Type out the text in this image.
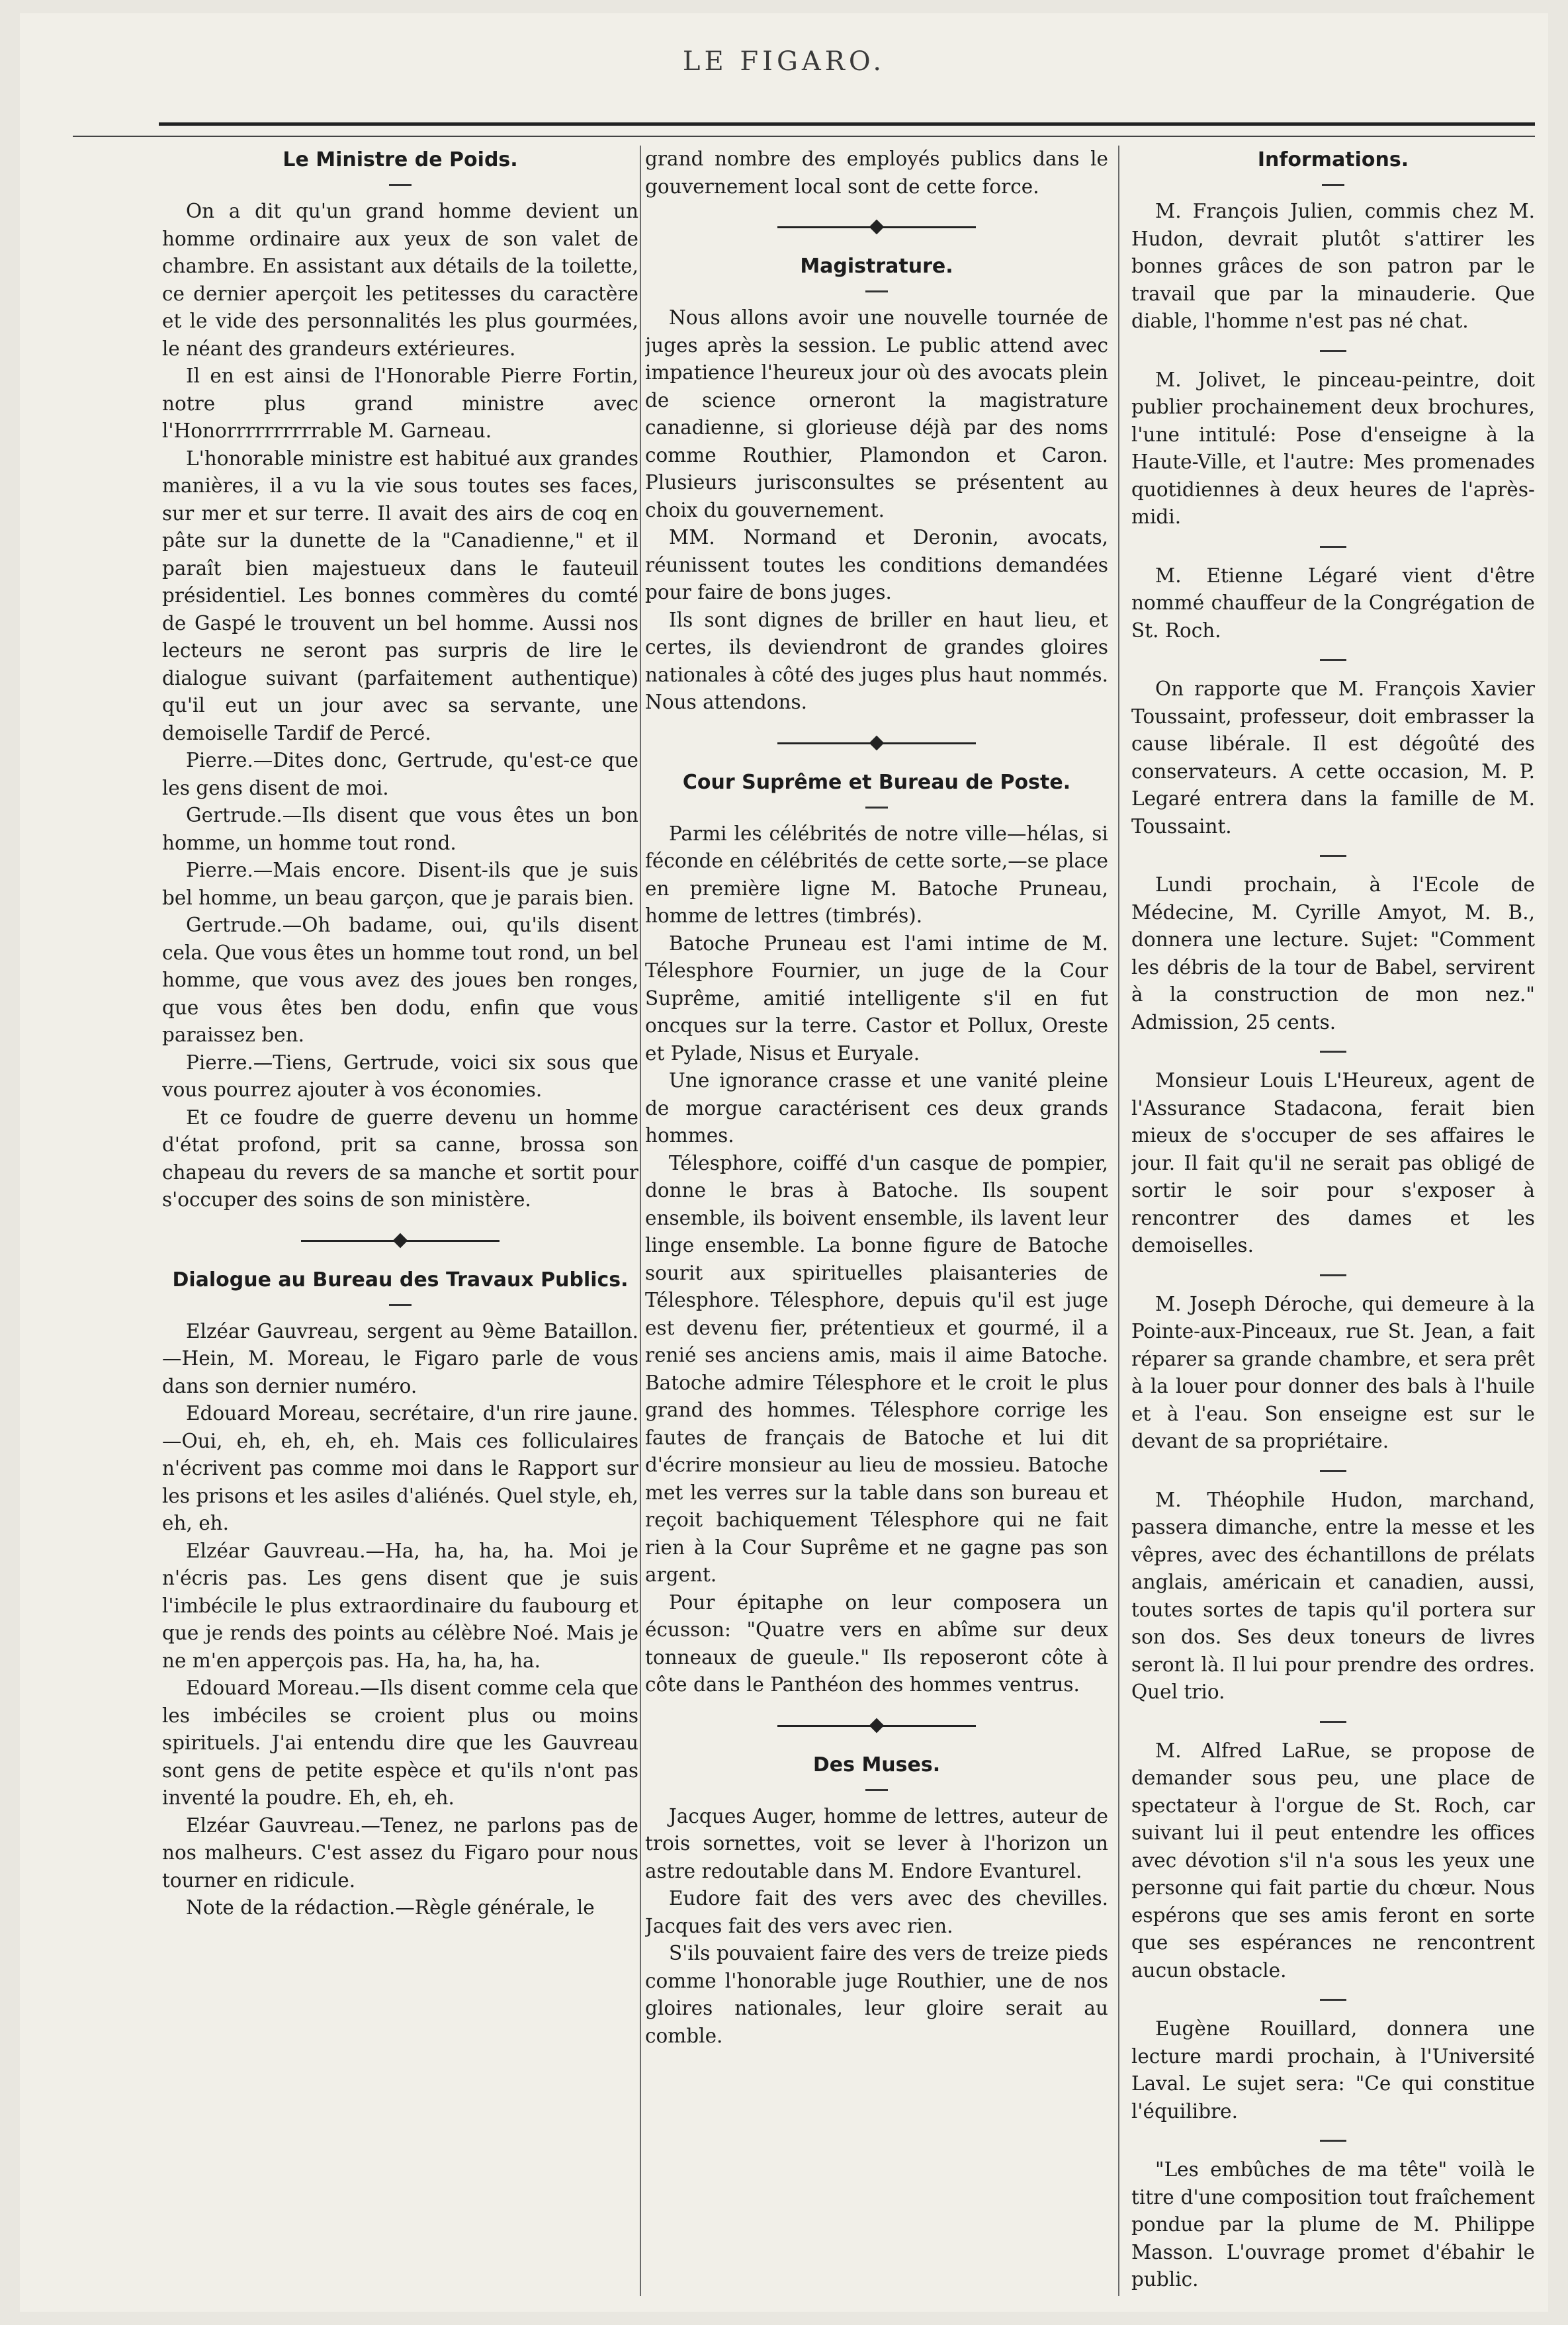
LE FIGARO.
Le Ministre de Poids.

On a dit qu'un grand homme devient un homme ordinaire aux yeux de son valet de chambre. En assistant aux détails de la toilette, ce dernier aperçoit les petitesses du caractère et le vide des personnalités les plus gourmées, le néant des grandeurs extérieures.

Il en est ainsi de l'Honorable Pierre Fortin, notre plus grand ministre avec l'Honorrrrrrrrrrable M. Garneau.

L'honorable ministre est habitué aux grandes manières, il a vu la vie sous toutes ses faces, sur mer et sur terre. Il avait des airs de coq en pâte sur la dunette de la "Canadienne," et il paraît bien majestueux dans le fauteuil présidentiel. Les bonnes commères du comté de Gaspé le trouvent un bel homme. Aussi nos lecteurs ne seront pas surpris de lire le dialogue suivant (parfaitement authentique) qu'il eut un jour avec sa servante, une demoiselle Tardif de Percé.

Pierre.—Dites donc, Gertrude, qu'est-ce que les gens disent de moi.

Gertrude.—Ils disent que vous êtes un bon homme, un homme tout rond.

Pierre.—Mais encore. Disent-ils que je suis bel homme, un beau garçon, que je parais bien.

Gertrude.—Oh badame, oui, qu'ils disent cela. Que vous êtes un homme tout rond, un bel homme, que vous avez des joues ben ronges, que vous êtes ben dodu, enfin que vous paraissez ben.

Pierre.—Tiens, Gertrude, voici six sous que vous pourrez ajouter à vos économies.

Et ce foudre de guerre devenu un homme d'état profond, prit sa canne, brossa son chapeau du revers de sa manche et sortit pour s'occuper des soins de son ministère.

Dialogue au Bureau des Travaux Publics.

Elzéar Gauvreau, sergent au 9ème Bataillon.—Hein, M. Moreau, le Figaro parle de vous dans son dernier numéro.

Edouard Moreau, secrétaire, d'un rire jaune.—Oui, eh, eh, eh, eh. Mais ces folliculaires n'écrivent pas comme moi dans le Rapport sur les prisons et les asiles d'aliénés. Quel style, eh, eh, eh.

Elzéar Gauvreau.—Ha, ha, ha, ha. Moi je n'écris pas. Les gens disent que je suis l'imbécile le plus extraordinaire du faubourg et que je rends des points au célèbre Noé. Mais je ne m'en apperçois pas. Ha, ha, ha, ha.

Edouard Moreau.—Ils disent comme cela que les imbéciles se croient plus ou moins spirituels. J'ai entendu dire que les Gauvreau sont gens de petite espèce et qu'ils n'ont pas inventé la poudre. Eh, eh, eh.

Elzéar Gauvreau.—Tenez, ne parlons pas de nos malheurs. C'est assez du Figaro pour nous tourner en ridicule.

Note de la rédaction.—Règle générale, le

grand nombre des employés publics dans le gouvernement local sont de cette force.

Magistrature.

Nous allons avoir une nouvelle tournée de juges après la session. Le public attend avec impatience l'heureux jour où des avocats plein de science orneront la magistrature canadienne, si glorieuse déjà par des noms comme Routhier, Plamondon et Caron. Plusieurs jurisconsultes se présentent au choix du gouvernement.

MM. Normand et Deronin, avocats, réunissent toutes les conditions demandées pour faire de bons juges.

Ils sont dignes de briller en haut lieu, et certes, ils deviendront de grandes gloires nationales à côté des juges plus haut nommés. Nous attendons.

Cour Suprême et Bureau de Poste.

Parmi les célébrités de notre ville—hélas, si féconde en célébrités de cette sorte,—se place en première ligne M. Batoche Pruneau, homme de lettres (timbrés).

Batoche Pruneau est l'ami intime de M. Télesphore Fournier, un juge de la Cour Suprême, amitié intelligente s'il en fut oncques sur la terre. Castor et Pollux, Oreste et Pylade, Nisus et Euryale.

Une ignorance crasse et une vanité pleine de morgue caractérisent ces deux grands hommes.

Télesphore, coiffé d'un casque de pompier, donne le bras à Batoche. Ils soupent ensemble, ils boivent ensemble, ils lavent leur linge ensemble. La bonne figure de Batoche sourit aux spirituelles plaisanteries de Télesphore. Télesphore, depuis qu'il est juge est devenu fier, prétentieux et gourmé, il a renié ses anciens amis, mais il aime Batoche. Batoche admire Télesphore et le croit le plus grand des hommes. Télesphore corrige les fautes de français de Batoche et lui dit d'écrire monsieur au lieu de mossieu. Batoche met les verres sur la table dans son bureau et reçoit bachiquement Télesphore qui ne fait rien à la Cour Suprême et ne gagne pas son argent.

Pour épitaphe on leur composera un écusson: "Quatre vers en abîme sur deux tonneaux de gueule." Ils reposeront côte à côte dans le Panthéon des hommes ventrus.

Des Muses.

Jacques Auger, homme de lettres, auteur de trois sornettes, voit se lever à l'horizon un astre redoutable dans M. Endore Evanturel.

Eudore fait des vers avec des chevilles. Jacques fait des vers avec rien.

S'ils pouvaient faire des vers de treize pieds comme l'honorable juge Routhier, une de nos gloires nationales, leur gloire serait au comble.

Informations.

M. François Julien, commis chez M. Hudon, devrait plutôt s'attirer les bonnes grâces de son patron par le travail que par la minauderie. Que diable, l'homme n'est pas né chat.

M. Jolivet, le pinceau-peintre, doit publier prochainement deux brochures, l'une intitulé: Pose d'enseigne à la Haute-Ville, et l'autre: Mes promenades quotidiennes à deux heures de l'après-midi.

M. Etienne Légaré vient d'être nommé chauffeur de la Congrégation de St. Roch.

On rapporte que M. François Xavier Toussaint, professeur, doit embrasser la cause libérale. Il est dégoûté des conservateurs. A cette occasion, M. P. Legaré entrera dans la famille de M. Toussaint.

Lundi prochain, à l'Ecole de Médecine, M. Cyrille Amyot, M. B., donnera une lecture. Sujet: "Comment les débris de la tour de Babel, servirent à la construction de mon nez." Admission, 25 cents.

Monsieur Louis L'Heureux, agent de l'Assurance Stadacona, ferait bien mieux de s'occuper de ses affaires le jour. Il fait qu'il ne serait pas obligé de sortir le soir pour s'exposer à rencontrer des dames et les demoiselles.

M. Joseph Déroche, qui demeure à la Pointe-aux-Pinceaux, rue St. Jean, a fait réparer sa grande chambre, et sera prêt à la louer pour donner des bals à l'huile et à l'eau. Son enseigne est sur le devant de sa propriétaire.

M. Théophile Hudon, marchand, passera dimanche, entre la messe et les vêpres, avec des échantillons de prélats anglais, américain et canadien, aussi, toutes sortes de tapis qu'il portera sur son dos. Ses deux toneurs de livres seront là. Il lui pour prendre des ordres. Quel trio.

M. Alfred LaRue, se propose de demander sous peu, une place de spectateur à l'orgue de St. Roch, car suivant lui il peut entendre les offices avec dévotion s'il n'a sous les yeux une personne qui fait partie du chœur. Nous espérons que ses amis feront en sorte que ses espérances ne rencontrent aucun obstacle.

Eugène Rouillard, donnera une lecture mardi prochain, à l'Université Laval. Le sujet sera: "Ce qui constitue l'équilibre.

"Les embûches de ma tête" voilà le titre d'une composition tout fraîchement pondue par la plume de M. Philippe Masson. L'ouvrage promet d'ébahir le public.
